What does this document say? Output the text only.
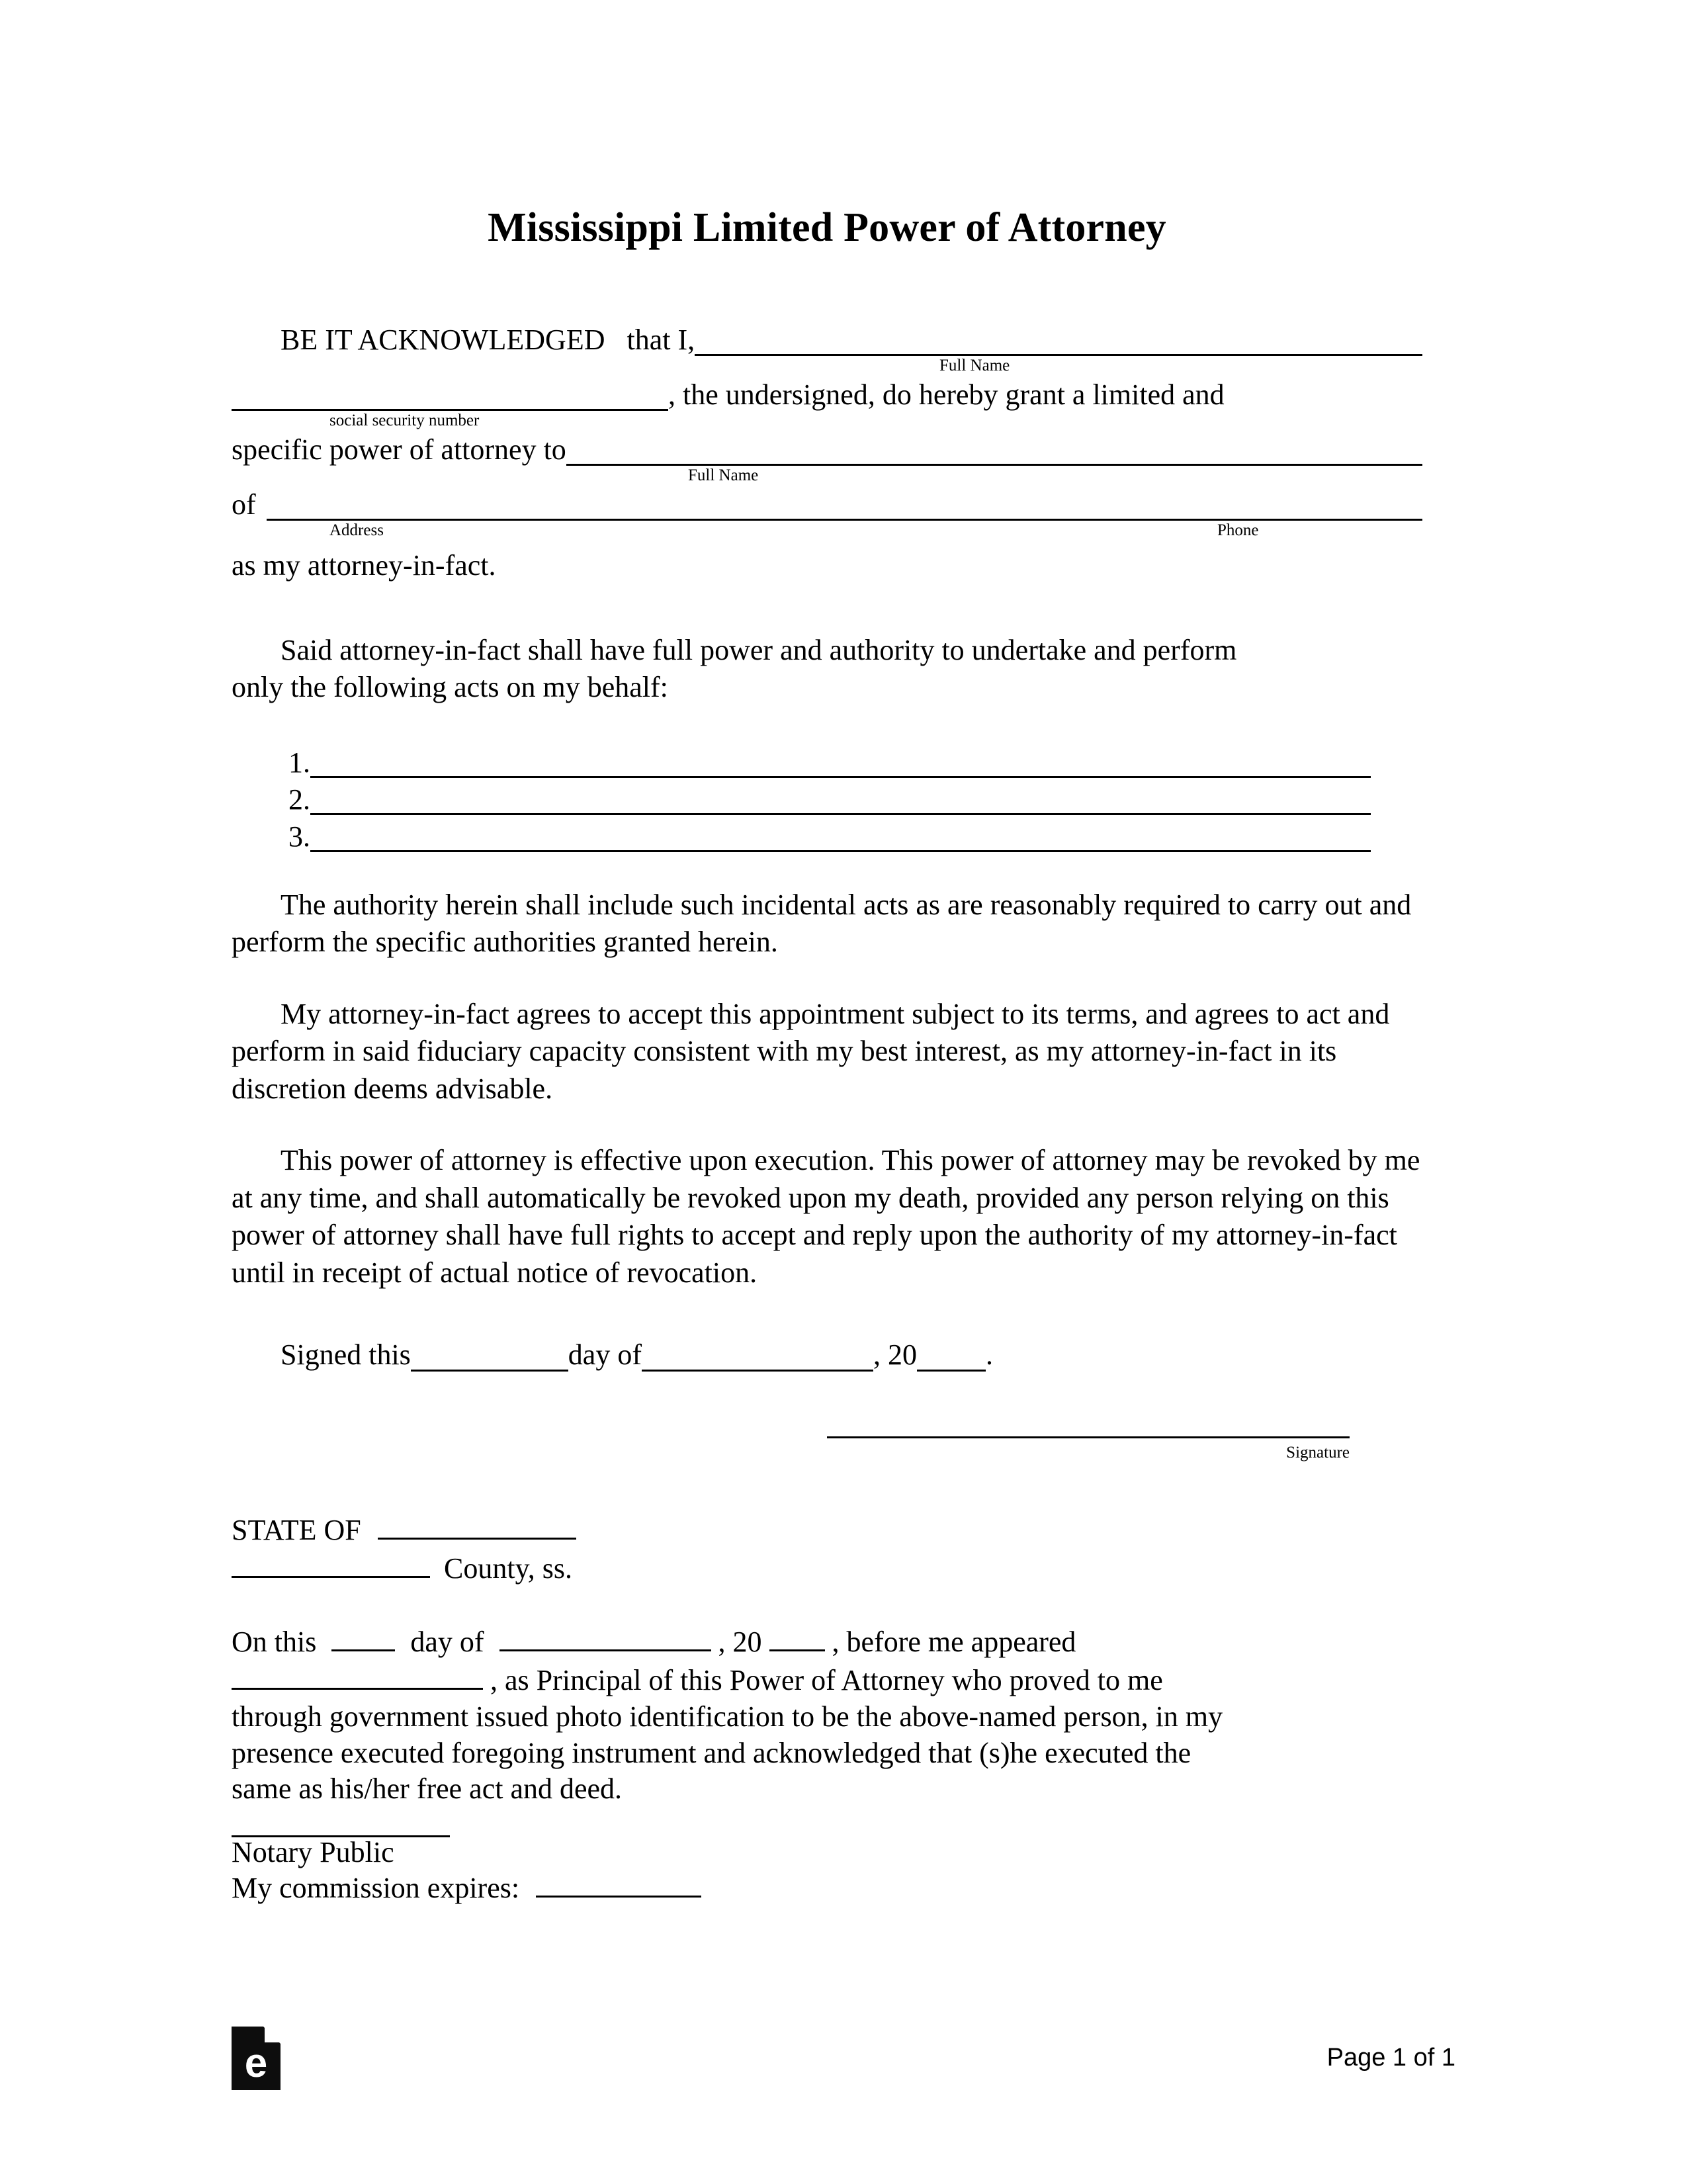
Mississippi Limited Power of Attorney
BE IT ACKNOWLEDGED   that I,
Full Name
, the undersigned, do hereby grant a limited and
social security number
specific power of attorney to
Full Name
of
Address	Phone
as my attorney-in-fact.

Said attorney-in-fact shall have full power and authority to undertake and perform

only the following acts on my behalf:

1.
2.
3.

The authority herein shall include such incidental acts as are reasonably required to carry out and perform the specific authorities granted herein.

My attorney-in-fact agrees to accept this appointment subject to its terms, and agrees to act and perform in said fiduciary capacity consistent with my best interest, as my attorney-in-fact in its discretion deems advisable.

This power of attorney is effective upon execution. This power of attorney may be revoked by me at any time, and shall automatically be revoked upon my death, provided any person relying on this power of attorney shall have full rights to accept and reply upon the authority of my attorney-in-fact until in receipt of actual notice of revocation.

Signed this	day of	, 20 .
Signature
STATE OF
County, ss.
On this	day of	, 20 , before me appeared
, as Principal of this Power of Attorney who proved to me
through government issued photo identification to be the above-named person, in my
presence executed foregoing instrument and acknowledged that (s)he executed the
same as his/her free act and deed.
Notary Public
My commission expires:
e	Page 1 of 1
